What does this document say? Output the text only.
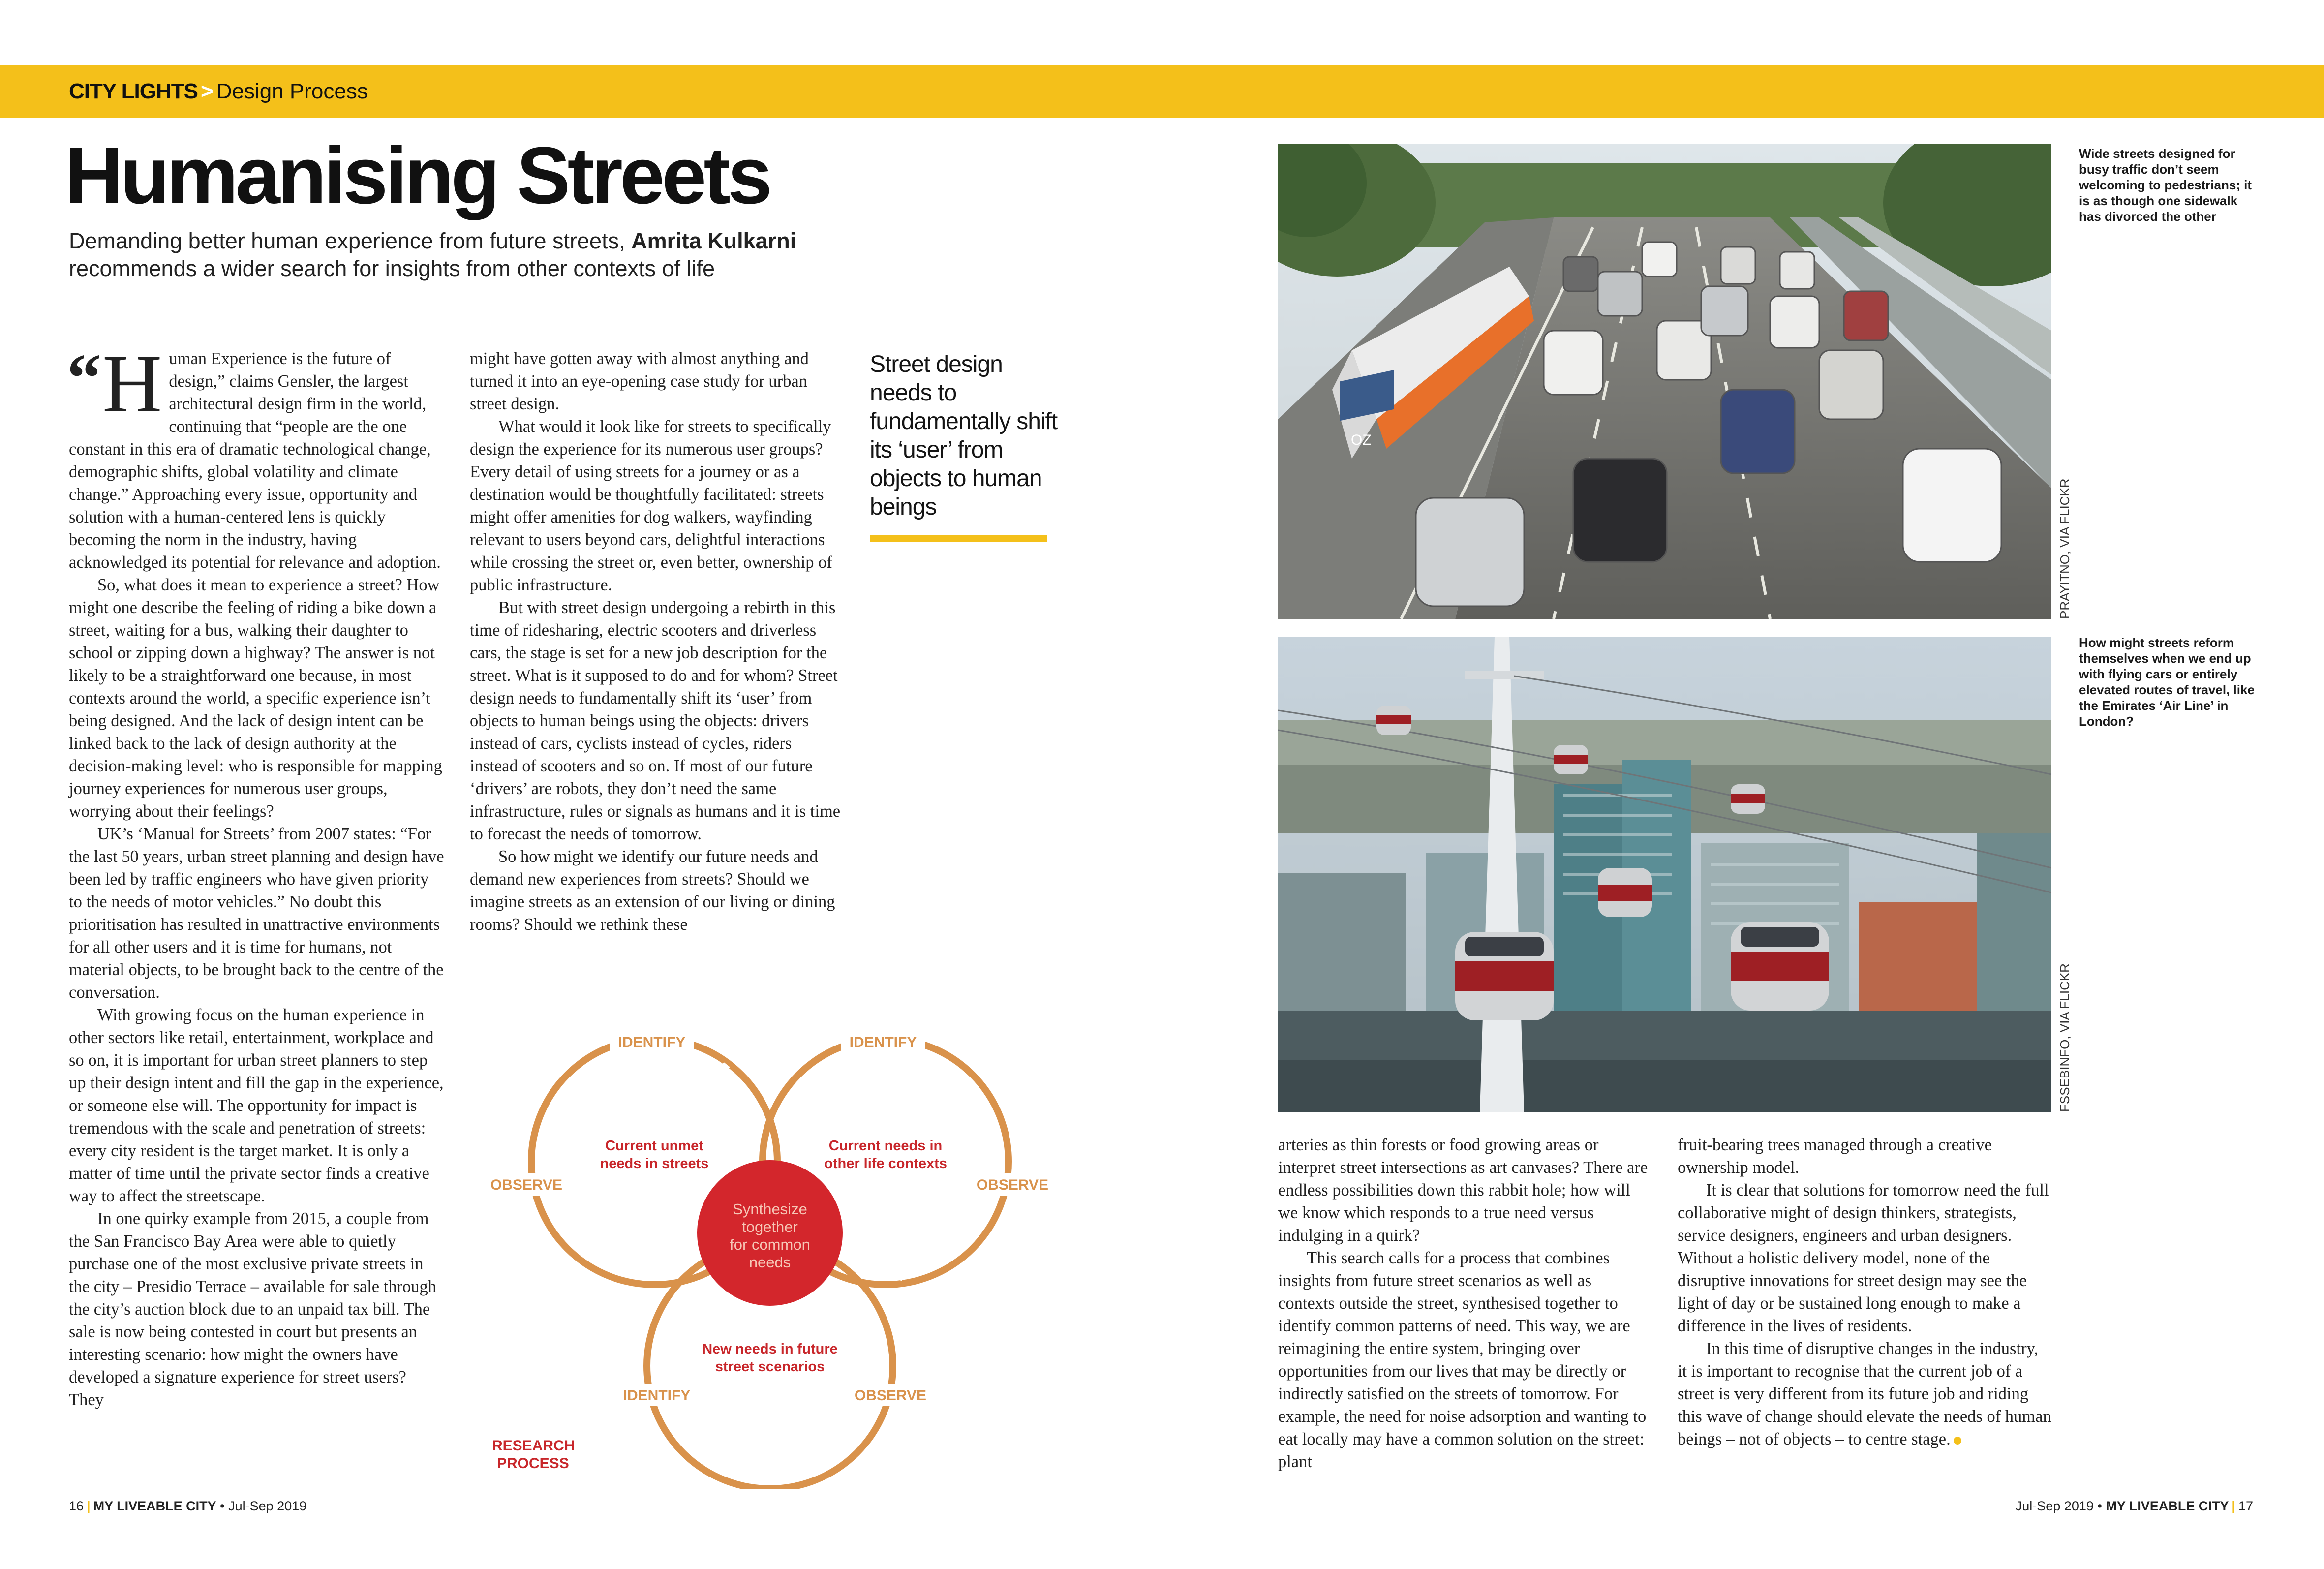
CITY LIGHTS > Design Process
Humanising Streets
Demanding better human experience from future streets, Amrita Kulkarni
recommends a wider search for insights from other contexts of life

“ H uman Experience is the future of design,” claims Gensler, the largest architectural design firm in the world, continuing that “people are the one constant in this era of dramatic technological change, demographic shifts, global volatility and climate change.” Approaching every issue, opportunity and solution with a human-centered lens is quickly becoming the norm in the industry, having acknowledged its potential for relevance and adoption.

So, what does it mean to experience a street? How might one describe the feeling of riding a bike down a street, waiting for a bus, walking their daughter to school or zipping down a highway? The answer is not likely to be a straightforward one because, in most contexts around the world, a specific experience isn’t being designed. And the lack of design intent can be linked back to the lack of design authority at the decision-making level: who is responsible for mapping journey experiences for numerous user groups, worrying about their feelings?

UK’s ‘Manual for Streets’ from 2007 states: “For the last 50 years, urban street planning and design have been led by traffic engineers who have given priority to the needs of motor vehicles.” No doubt this prioritisation has resulted in unattractive environments for all other users and it is time for humans, not material objects, to be brought back to the centre of the conversation.

With growing focus on the human experience in other sectors like retail, entertainment, workplace and so on, it is important for urban street planners to step up their design intent and fill the gap in the experience, or someone else will. The opportunity for impact is tremendous with the scale and penetration of streets: every city resident is the target market. It is only a matter of time until the private sector finds a creative way to affect the streetscape.

In one quirky example from 2015, a couple from the San Francisco Bay Area were able to quietly purchase one of the most exclusive private streets in the city – Presidio Terrace – available for sale through the city’s auction block due to an unpaid tax bill. The sale is now being contested in court but presents an interesting scenario: how might the owners have developed a signature experience for street users? They

might have gotten away with almost anything and turned it into an eye-opening case study for urban street design.

What would it look like for streets to specifically design the experience for its numerous user groups? Every detail of using streets for a journey or as a destination would be thoughtfully facilitated: streets might offer amenities for dog walkers, wayfinding relevant to users beyond cars, delightful interactions while crossing the street or, even better, ownership of public infrastructure.

But with street design undergoing a rebirth in this time of ridesharing, electric scooters and driverless cars, the stage is set for a new job description for the street. What is it supposed to do and for whom? Street design needs to fundamentally shift its ‘user’ from objects to human beings using the objects: drivers instead of cars, cyclists instead of cycles, riders instead of scooters and so on. If most of our future ‘drivers’ are robots, they don’t need the same infrastructure, rules or signals as humans and it is time to forecast the needs of tomorrow.

So how might we identify our future needs and demand new experiences from streets? Should we imagine streets as an extension of our living or dining rooms? Should we rethink these

Street design needs to fundamentally shift its ‘user’ from objects to human beings
OZ
PRAYITNO, VIA FLICKR
Wide streets designed for busy traffic don’t seem welcoming to pedestrians; it is as though one sidewalk has divorced the other
FSSEBINFO, VIA FLICKR
How might streets reform themselves when we end up with flying cars or entirely elevated routes of travel, like the Emirates ‘Air Line’ in London?
IDENTIFY	IDENTIFY
OBSERVE	OBSERVE
IDENTIFY	OBSERVE
Current unmet
needs in streets
Current needs in
other life contexts
New needs in future
street scenarios
Synthesize
together
for common
needs
RESEARCH
PROCESS

arteries as thin forests or food growing areas or interpret street intersections as art canvases? There are endless possibilities down this rabbit hole; how will we know which responds to a true need versus indulging in a quirk?

This search calls for a process that combines insights from future street scenarios as well as contexts outside the street, synthesised together to identify common patterns of need. This way, we are reimagining the entire system, bringing over opportunities from our lives that may be directly or indirectly satisfied on the streets of tomorrow. For example, the need for noise adsorption and wanting to eat locally may have a common solution on the street: plant

fruit-bearing trees managed through a creative ownership model.

It is clear that solutions for tomorrow need the full collaborative might of design thinkers, strategists, service designers, engineers and urban designers. Without a holistic delivery model, none of the disruptive innovations for street design may see the light of day or be sustained long enough to make a difference in the lives of residents.

In this time of disruptive changes in the industry, it is important to recognise that the current job of a street is very different from its future job and riding this wave of change should elevate the needs of human beings – not of objects – to centre stage.

16 | MY LIVEABLE CITY • Jul-Sep 2019	Jul-Sep 2019 • MY LIVEABLE CITY | 17
